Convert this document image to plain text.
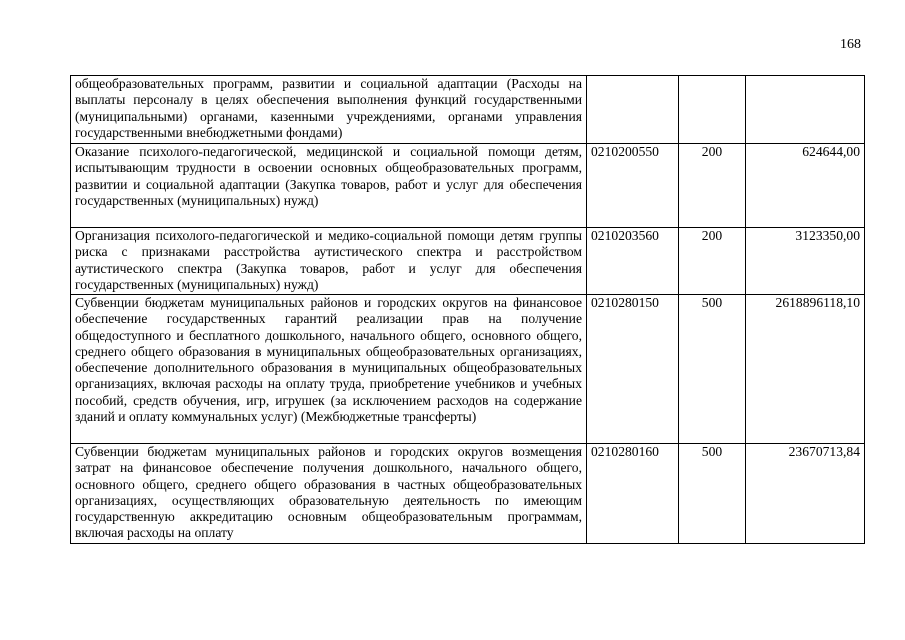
168
общеобразовательных программ, развитии и социальной адаптации (Расходы на выплаты персоналу в целях обеспечения выполнения функций государственными (муниципальными) органами, казенными учреждениями, органами управления государственными внебюджетными фондами)			
Оказание психолого-педагогической, медицинской и социальной помощи детям, испытывающим трудности в освоении основных общеобразовательных программ, развитии и социальной адаптации (Закупка товаров, работ и услуг для обеспечения государственных (муниципальных) нужд)	0210200550	200	624644,00
Организация психолого-педагогической и медико-социальной помощи детям группы риска с признаками расстройства аутистического спектра и расстройством аутистического спектра (Закупка товаров, работ и услуг для обеспечения государственных (муниципальных) нужд)	0210203560	200	3123350,00
Субвенции бюджетам муниципальных районов и городских округов на финансовое обеспечение государственных гарантий реализации прав на получение общедоступного и бесплатного дошкольного, начального общего, основного общего, среднего общего образования в муниципальных общеобразовательных организациях, обеспечение дополнительного образования в муниципальных общеобразовательных организациях, включая расходы на оплату труда, приобретение учебников и учебных пособий, средств обучения, игр, игрушек (за исключением расходов на содержание зданий и оплату коммунальных услуг) (Межбюджетные трансферты)	0210280150	500	2618896118,10
Субвенции бюджетам муниципальных районов и городских округов возмещения затрат на финансовое обеспечение получения дошкольного, начального общего, основного общего, среднего общего образования в частных общеобразовательных организациях, осуществляющих образовательную деятельность по имеющим государственную аккредитацию основным общеобразовательным программам, включая расходы на оплату	0210280160	500	23670713,84
